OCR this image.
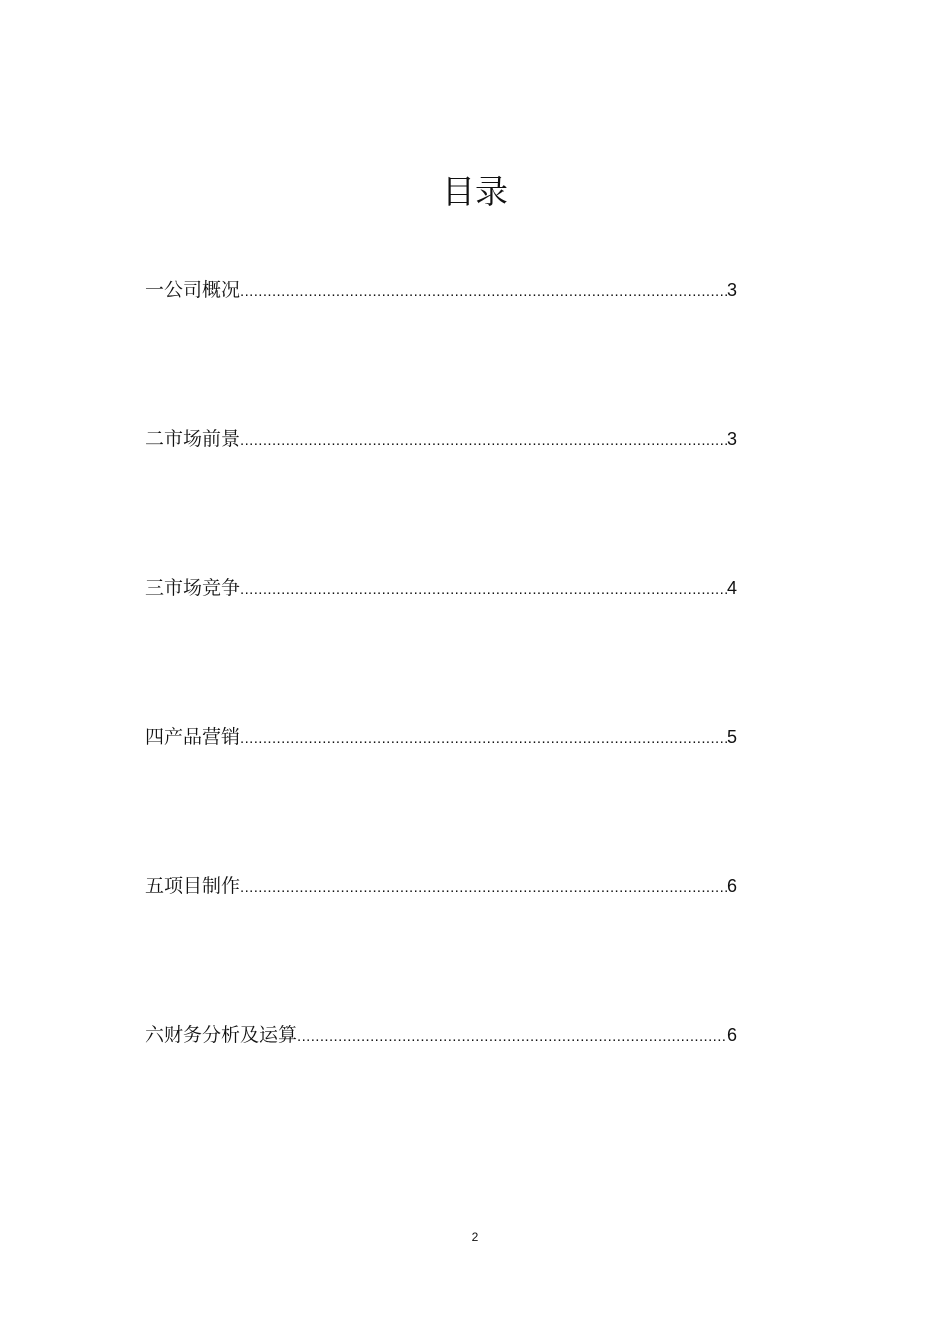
目录
一公司概况 .....	3
二市场前景 .....	3
三市场竞争 .....	4
四产品营销 .....	5
五项目制作 .....	6
六财务分析及运算 .....	6
2
